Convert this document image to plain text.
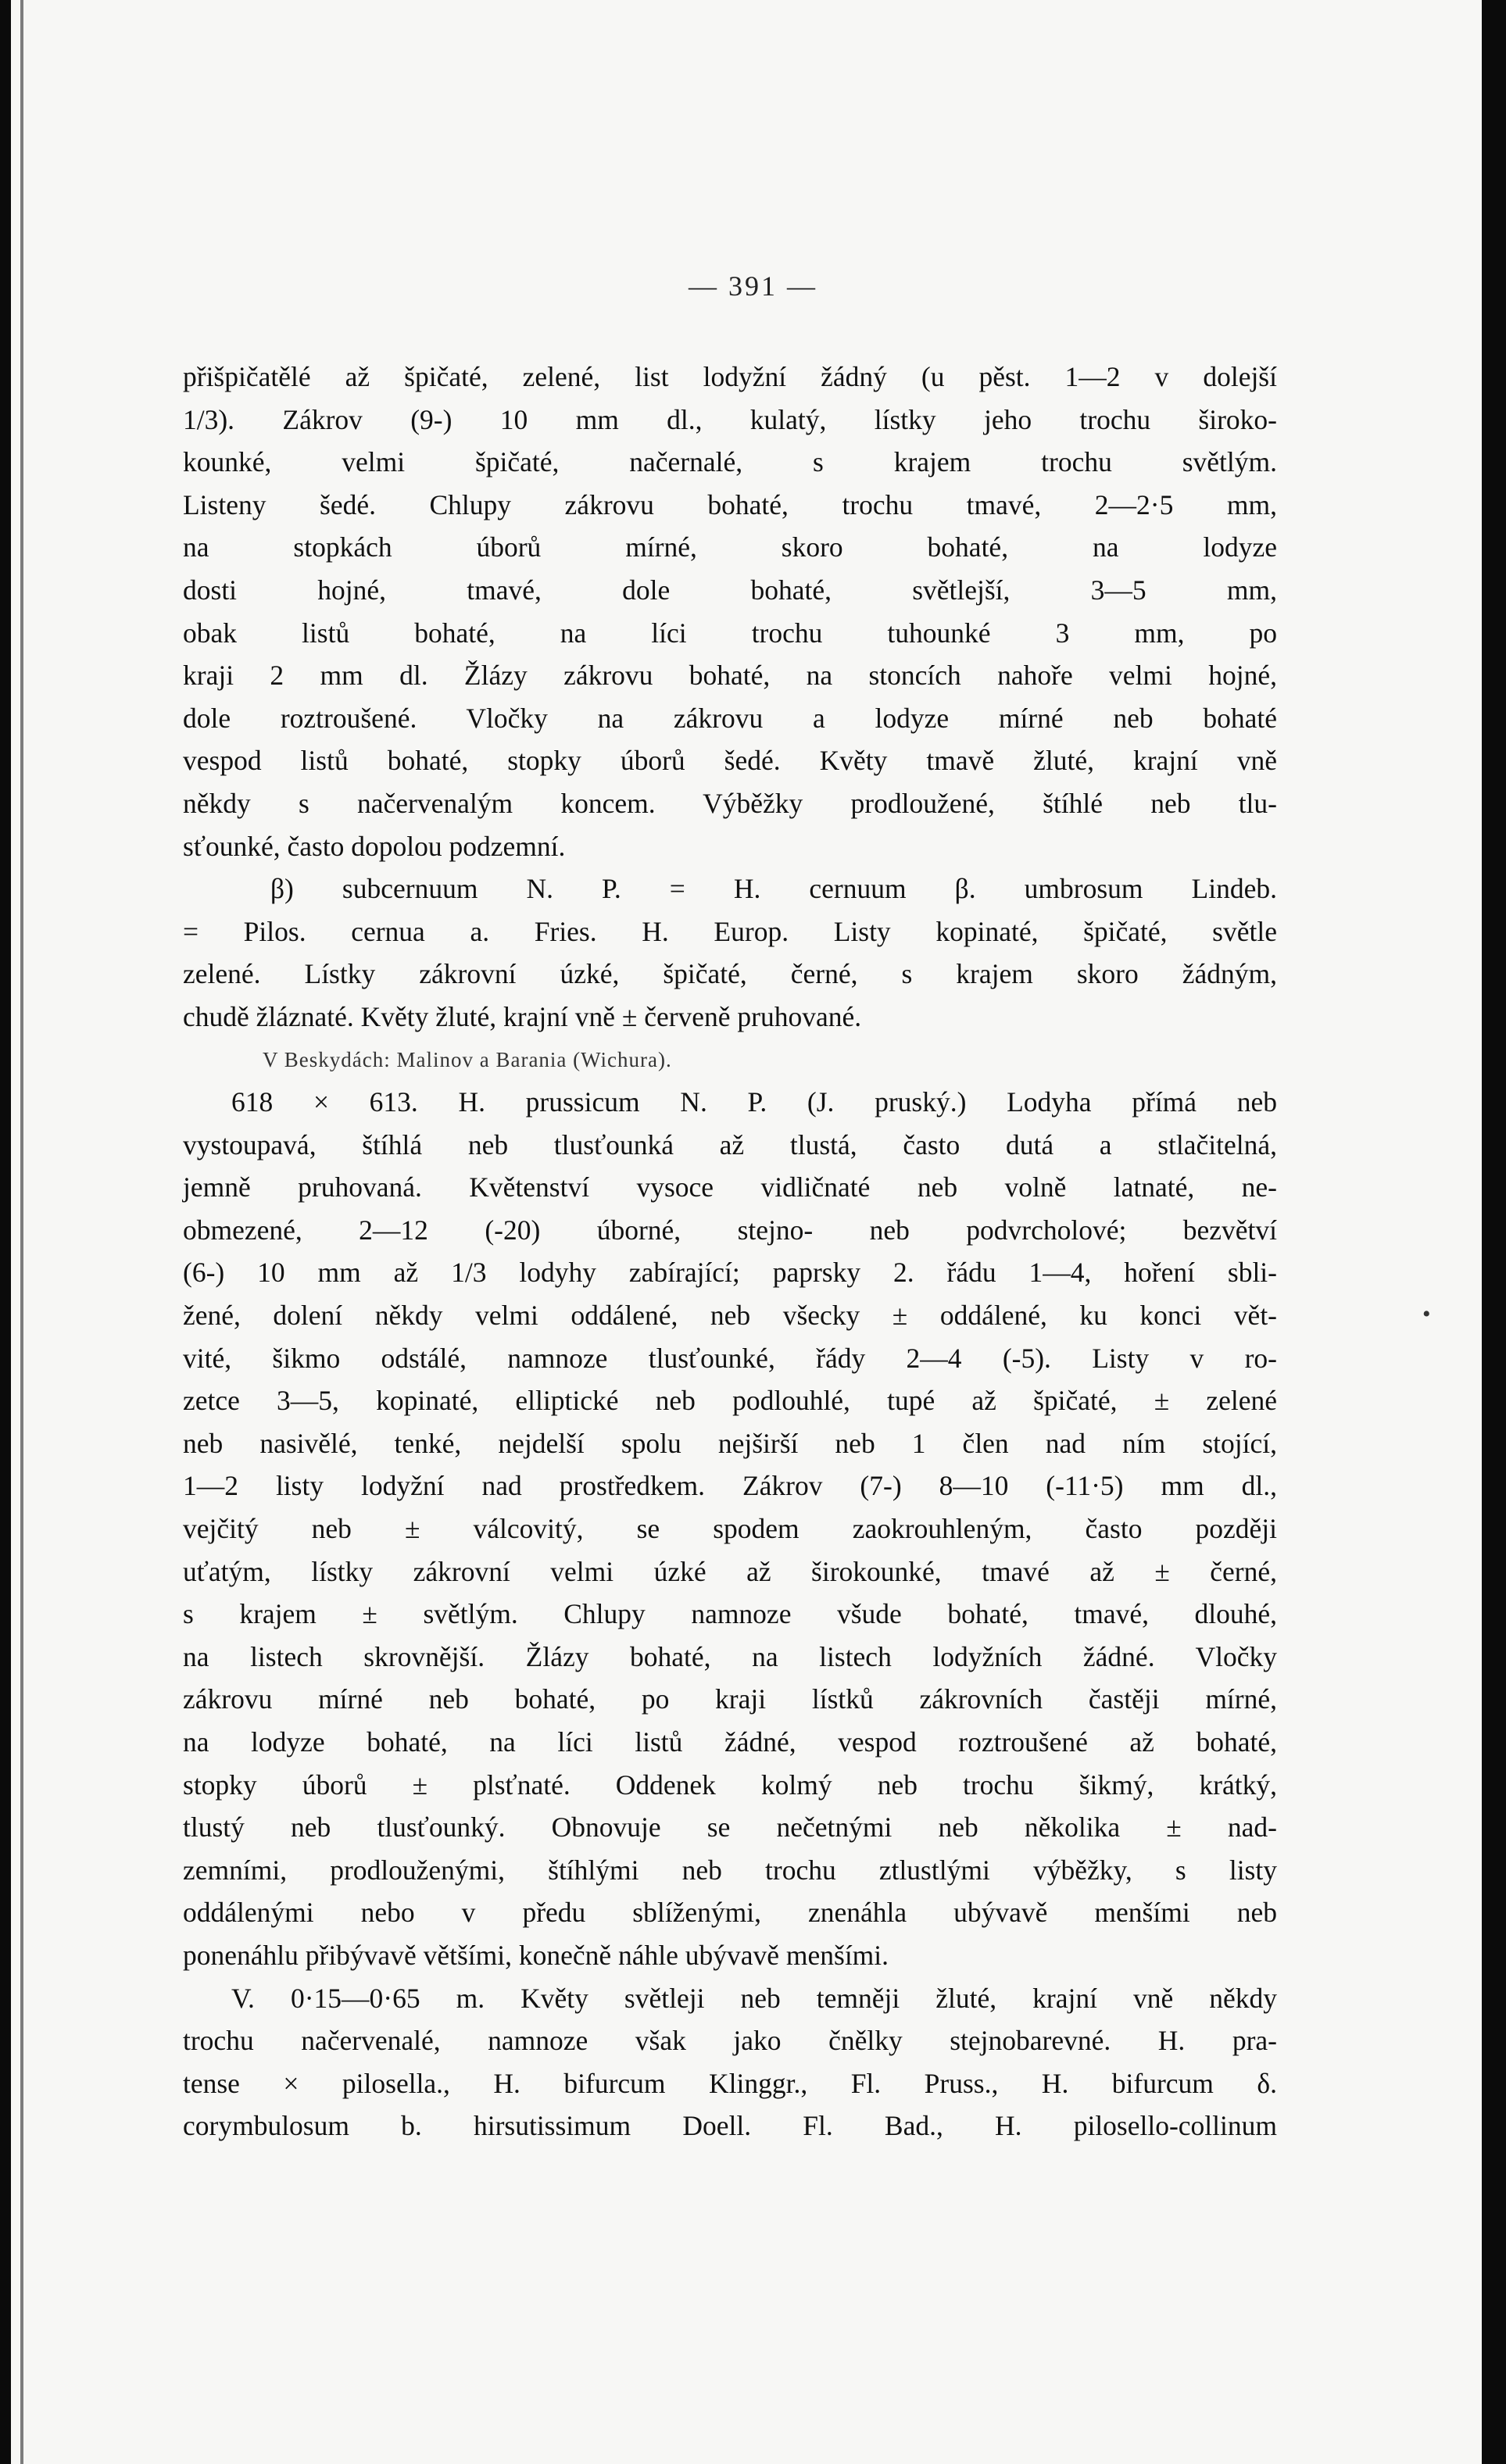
— 391 —
přišpičatělé až špičaté, zelené, list lodyžní žádný (u pěst. 1—2 v dolejší
1/3). Zákrov (9-) 10 mm dl., kulatý, lístky jeho trochu široko-
kounké, velmi špičaté, načernalé, s krajem trochu světlým.
Listeny šedé. Chlupy zákrovu bohaté, trochu tmavé, 2—2·5 mm,
na stopkách úborů mírné, skoro bohaté, na lodyze
dosti hojné, tmavé, dole bohaté, světlejší, 3—5 mm,
obak listů bohaté, na líci trochu tuhounké 3 mm, po
kraji 2 mm dl. Žlázy zákrovu bohaté, na stoncích nahoře velmi hojné,
dole roztroušené. Vločky na zákrovu a lodyze mírné neb bohaté
vespod listů bohaté, stopky úborů šedé. Květy tmavě žluté, krajní vně
někdy s načervenalým koncem. Výběžky prodloužené, štíhlé neb tlu-
sťounké, často dopolou podzemní.
β) subcernuum N. P. = H. cernuum β. umbrosum Lindeb.
= Pilos. cernua a. Fries. H. Europ. Listy kopinaté, špičaté, světle
zelené. Lístky zákrovní úzké, špičaté, černé, s krajem skoro žádným,
chudě žláznaté. Květy žluté, krajní vně ± červeně pruhované.
V Beskydách: Malinov a Barania (Wichura).
618 × 613. H. prussicum N. P. (J. pruský.) Lodyha přímá neb
vystoupavá, štíhlá neb tlusťounká až tlustá, často dutá a stlačitelná,
jemně pruhovaná. Květenství vysoce vidličnaté neb volně latnaté, ne-
obmezené, 2—12 (-20) úborné, stejno- neb podvrcholové; bezvětví
(6-) 10 mm až 1/3 lodyhy zabírající; paprsky 2. řádu 1—4, hoření sbli-
žené, dolení někdy velmi oddálené, neb všecky ± oddálené, ku konci vět-
vité, šikmo odstálé, namnoze tlusťounké, řády 2—4 (-5). Listy v ro-
zetce 3—5, kopinaté, elliptické neb podlouhlé, tupé až špičaté, ± zelené
neb nasivělé, tenké, nejdelší spolu nejširší neb 1 člen nad ním stojící,
1—2 listy lodyžní nad prostředkem. Zákrov (7-) 8—10 (-11·5) mm dl.,
vejčitý neb ± válcovitý, se spodem zaokrouhleným, často později
uťatým, lístky zákrovní velmi úzké až širokounké, tmavé až ± černé,
s krajem ± světlým. Chlupy namnoze všude bohaté, tmavé, dlouhé,
na listech skrovnější. Žlázy bohaté, na listech lodyžních žádné. Vločky
zákrovu mírné neb bohaté, po kraji lístků zákrovních častěji mírné,
na lodyze bohaté, na líci listů žádné, vespod roztroušené až bohaté,
stopky úborů ± plsťnaté. Oddenek kolmý neb trochu šikmý, krátký,
tlustý neb tlusťounký. Obnovuje se nečetnými neb několika ± nad-
zemními, prodlouženými, štíhlými neb trochu ztlustlými výběžky, s listy
oddálenými nebo v předu sblíženými, znenáhla ubývavě menšími neb
ponenáhlu přibývavě většími, konečně náhle ubývavě menšími.
V. 0·15—0·65 m. Květy světleji neb temněji žluté, krajní vně někdy
trochu načervenalé, namnoze však jako čnělky stejnobarevné. H. pra-
tense × pilosella., H. bifurcum Klinggr., Fl. Pruss., H. bifurcum δ.
corymbulosum b. hirsutissimum Doell. Fl. Bad., H. pilosello-collinum
•
